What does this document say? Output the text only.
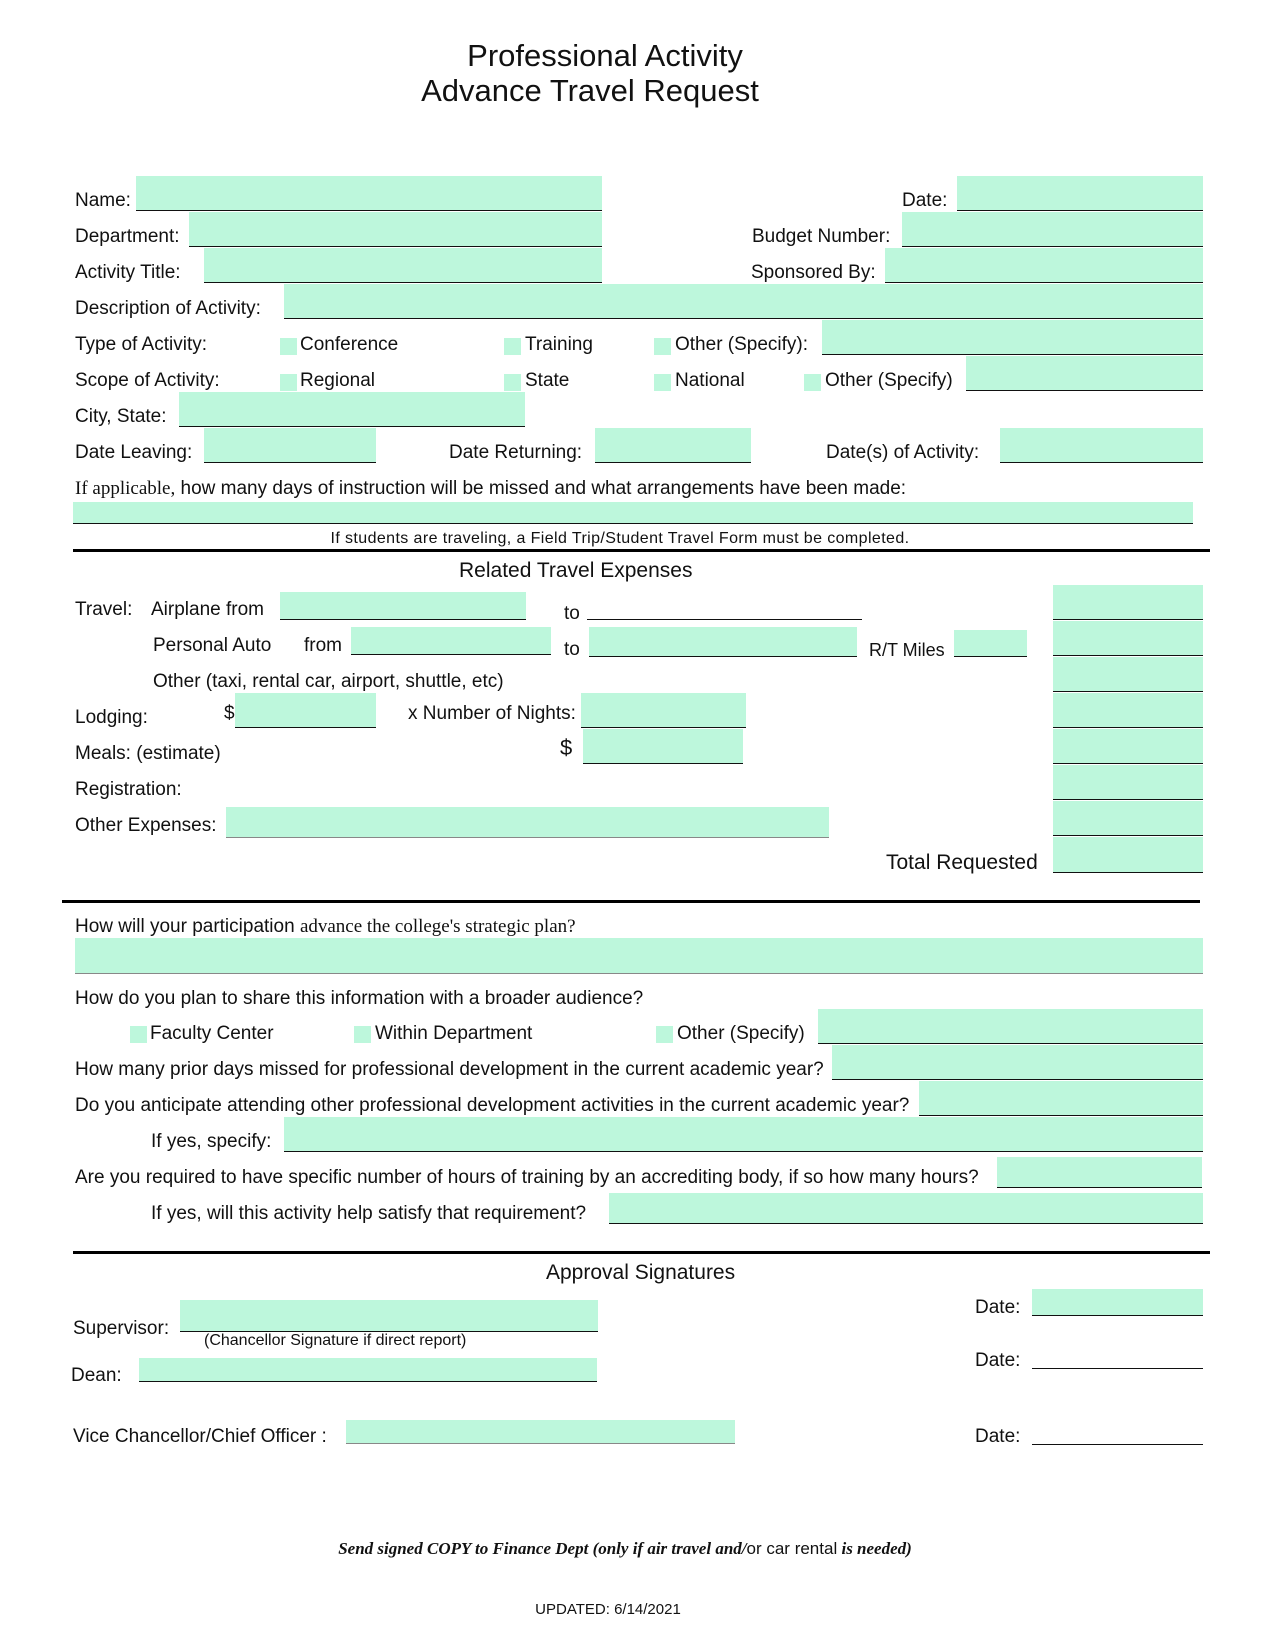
Professional Activity
Advance Travel Request
Name:	Date:
Department:	Budget Number:
Activity Title:	Sponsored By:
Description of Activity:
Type of Activity:	Conference	Training	Other (Specify):
Scope of Activity:	Regional	State	National	Other (Specify)
City, State:
Date Leaving:	Date Returning:	Date(s) of Activity:
If applicable, how many days of instruction will be missed and what arrangements have been made:
If students are traveling, a Field Trip/Student Travel Form must be completed.
Related Travel Expenses
Travel: Airplane from	to
Personal Auto from	to	R/T Miles
Other (taxi, rental car, airport, shuttle, etc)
Lodging:	$	x Number of Nights:
Meals: (estimate)	$
Registration:
Other Expenses:
Total Requested
How will your participation advance the college's strategic plan?
How do you plan to share this information with a broader audience?
Faculty Center	Within Department	Other (Specify)
How many prior days missed for professional development in the current academic year?
Do you anticipate attending other professional development activities in the current academic year?
If yes, specify:
Are you required to have specific number of hours of training by an accrediting body, if so how many hours?
If yes, will this activity help satisfy that requirement?
Approval Signatures
Date:
Supervisor:
(Chancellor Signature if direct report)
Date:
Dean:
Vice Chancellor/Chief Officer :	Date:
Send signed COPY to Finance Dept (only if air travel and/or car rental is needed)
UPDATED: 6/14/2021
